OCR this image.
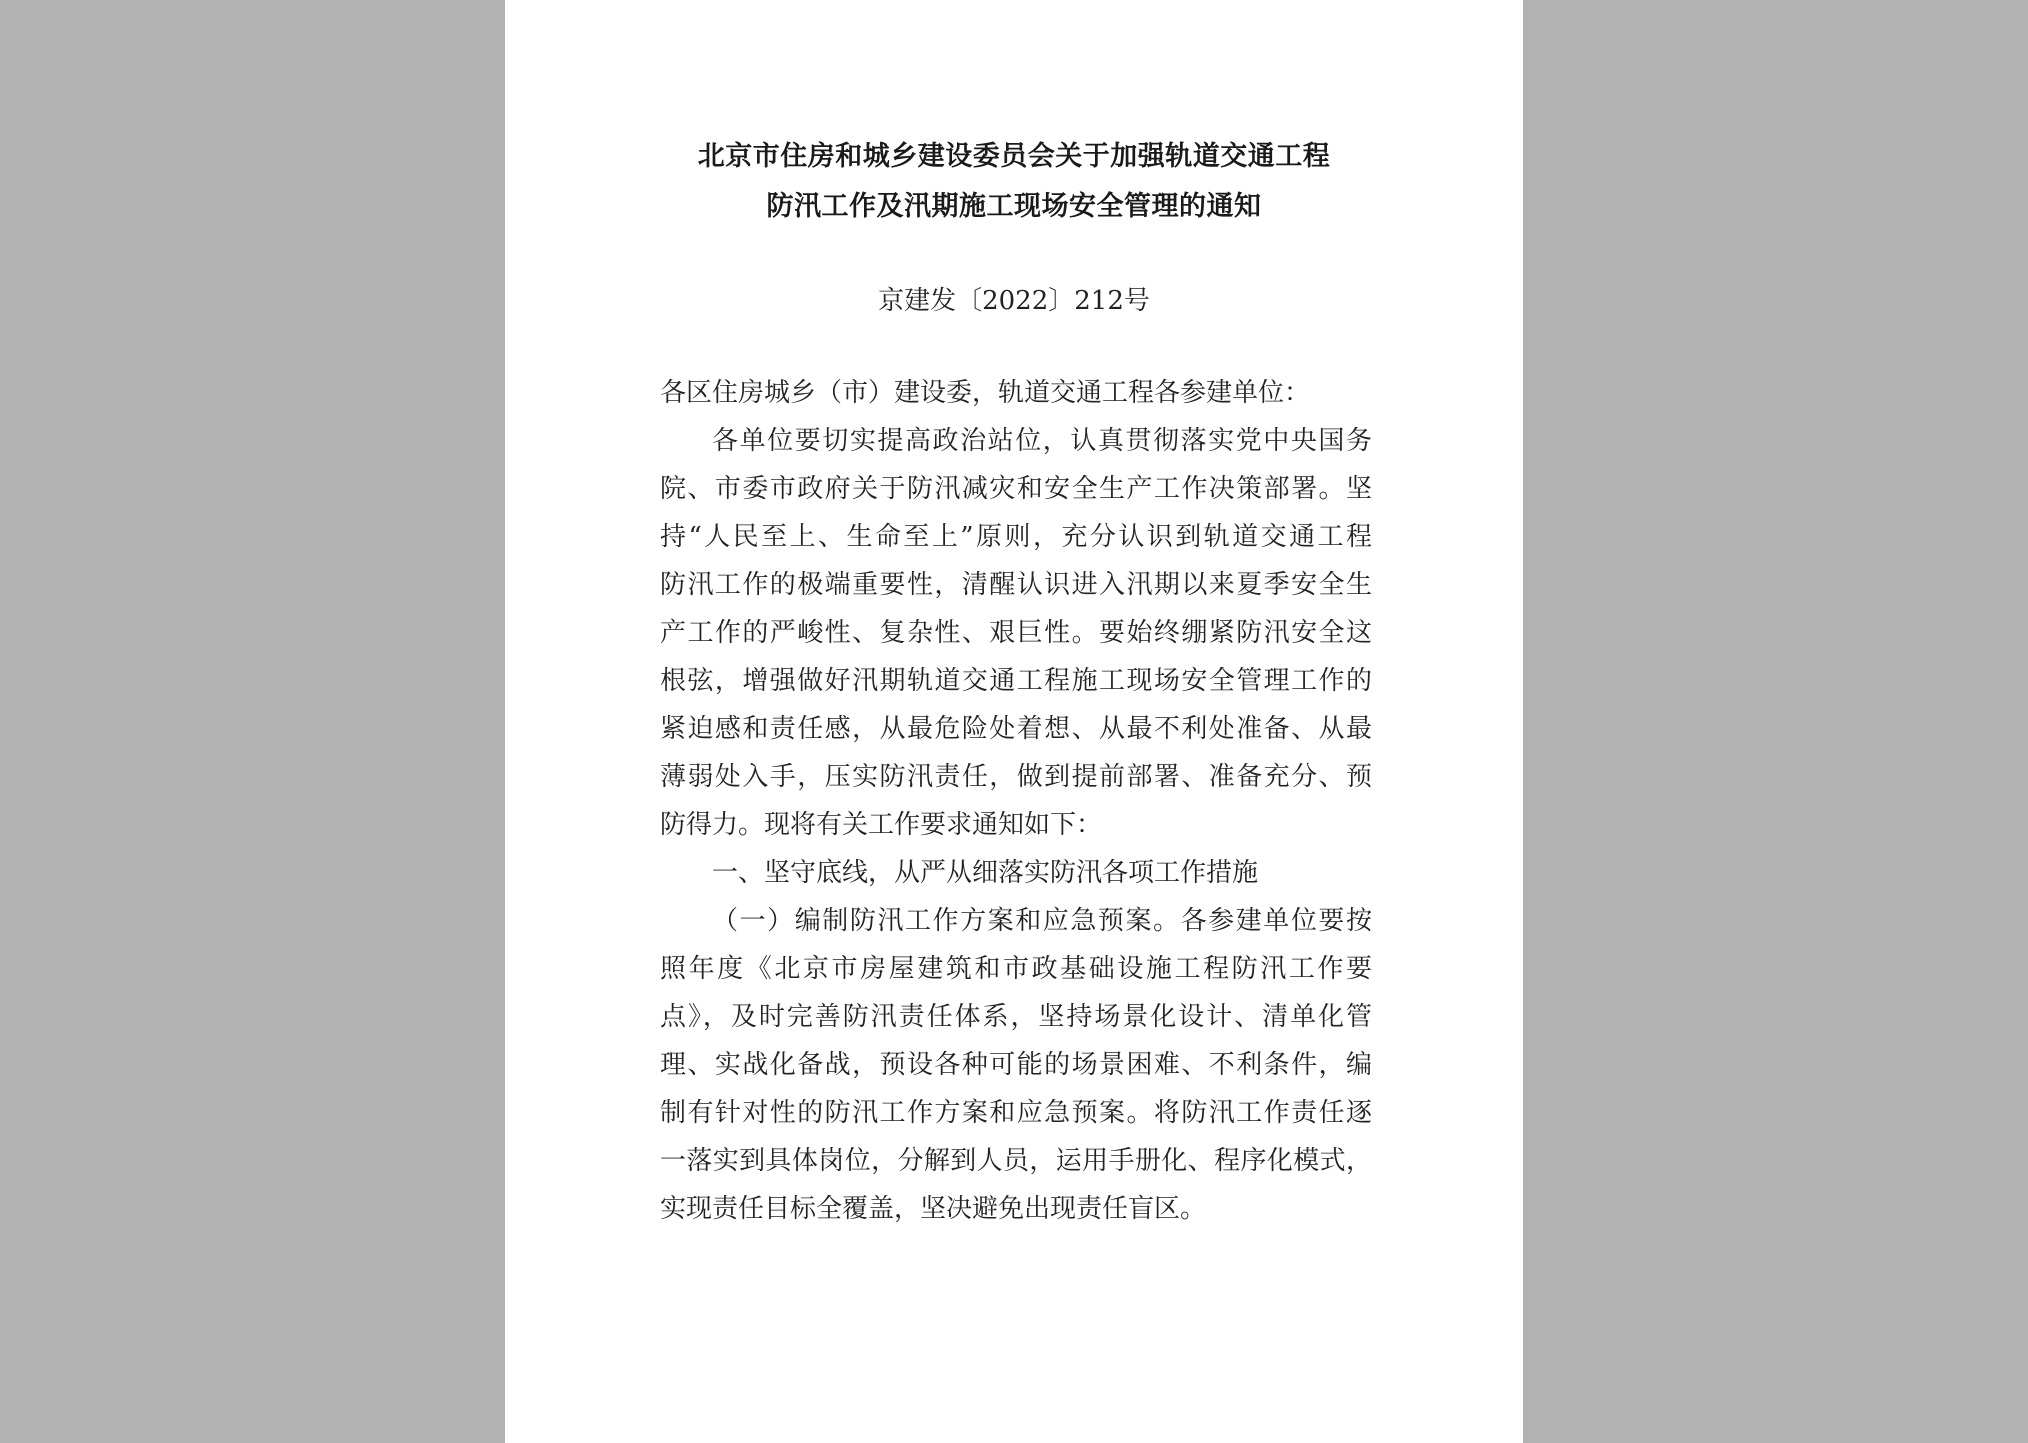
北京市住房和城乡建设委员会关于加强轨道交通工程
防汛工作及汛期施工现场安全管理的通知
京建发〔2022〕212号
各区住房城乡（市）建设委，轨道交通工程各参建单位：
各单位要切实提高政治站位，认真贯彻落实党中央国务
院、市委市政府关于防汛减灾和安全生产工作决策部署。坚
持“人民至上、生命至上”原则，充分认识到轨道交通工程
防汛工作的极端重要性，清醒认识进入汛期以来夏季安全生
产工作的严峻性、复杂性、艰巨性。要始终绷紧防汛安全这
根弦，增强做好汛期轨道交通工程施工现场安全管理工作的
紧迫感和责任感，从最危险处着想、从最不利处准备、从最
薄弱处入手，压实防汛责任，做到提前部署、准备充分、预
防得力。现将有关工作要求通知如下：
一、坚守底线，从严从细落实防汛各项工作措施
（一）编制防汛工作方案和应急预案。各参建单位要按
照年度《北京市房屋建筑和市政基础设施工程防汛工作要
点》，及时完善防汛责任体系，坚持场景化设计、清单化管
理、实战化备战，预设各种可能的场景困难、不利条件，编
制有针对性的防汛工作方案和应急预案。将防汛工作责任逐
一落实到具体岗位，分解到人员，运用手册化、程序化模式，
实现责任目标全覆盖，坚决避免出现责任盲区。
